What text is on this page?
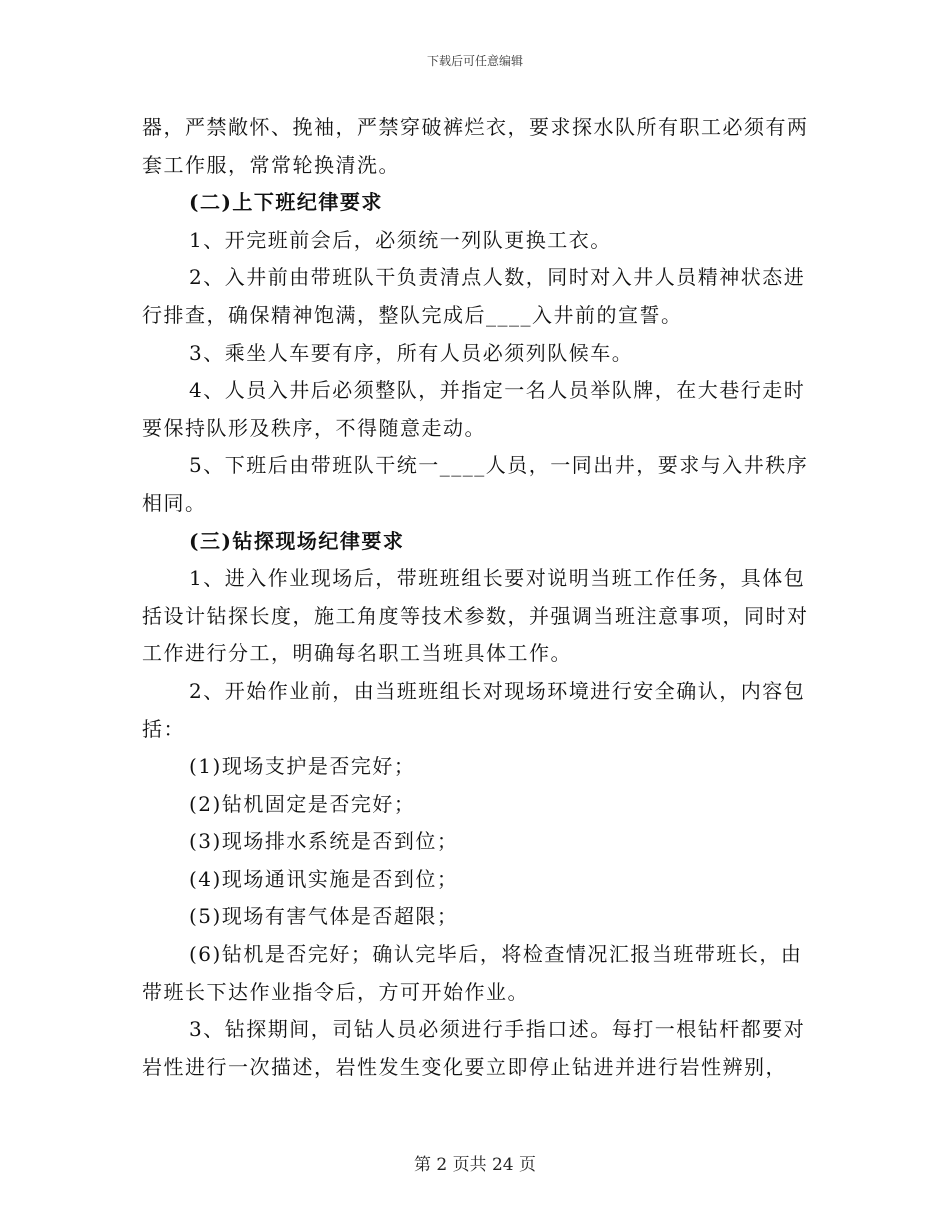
下载后可任意编辑

器，严禁敞怀、挽袖，严禁穿破裤烂衣，要求探水队所有职工必须有两套工作服，常常轮换清洗。

(二)上下班纪律要求

1、开完班前会后，必须统一列队更换工衣。

2、入井前由带班队干负责清点人数，同时对入井人员精神状态进行排查，确保精神饱满，整队完成后____入井前的宣誓。

3、乘坐人车要有序，所有人员必须列队候车。

4、人员入井后必须整队，并指定一名人员举队牌，在大巷行走时要保持队形及秩序，不得随意走动。

5、下班后由带班队干统一____人员，一同出井，要求与入井秩序相同。

(三)钻探现场纪律要求

1、进入作业现场后，带班班组长要对说明当班工作任务，具体包括设计钻探长度，施工角度等技术参数，并强调当班注意事项，同时对工作进行分工，明确每名职工当班具体工作。

2、开始作业前，由当班班组长对现场环境进行安全确认，内容包括：

(1)现场支护是否完好；

(2)钻机固定是否完好；

(3)现场排水系统是否到位；

(4)现场通讯实施是否到位；

(5)现场有害气体是否超限；

(6)钻机是否完好；确认完毕后，将检查情况汇报当班带班长，由带班长下达作业指令后，方可开始作业。

3、钻探期间，司钻人员必须进行手指口述。每打一根钻杆都要对岩性进行一次描述，岩性发生变化要立即停止钻进并进行岩性辨别，

第 2 页共 24 页
